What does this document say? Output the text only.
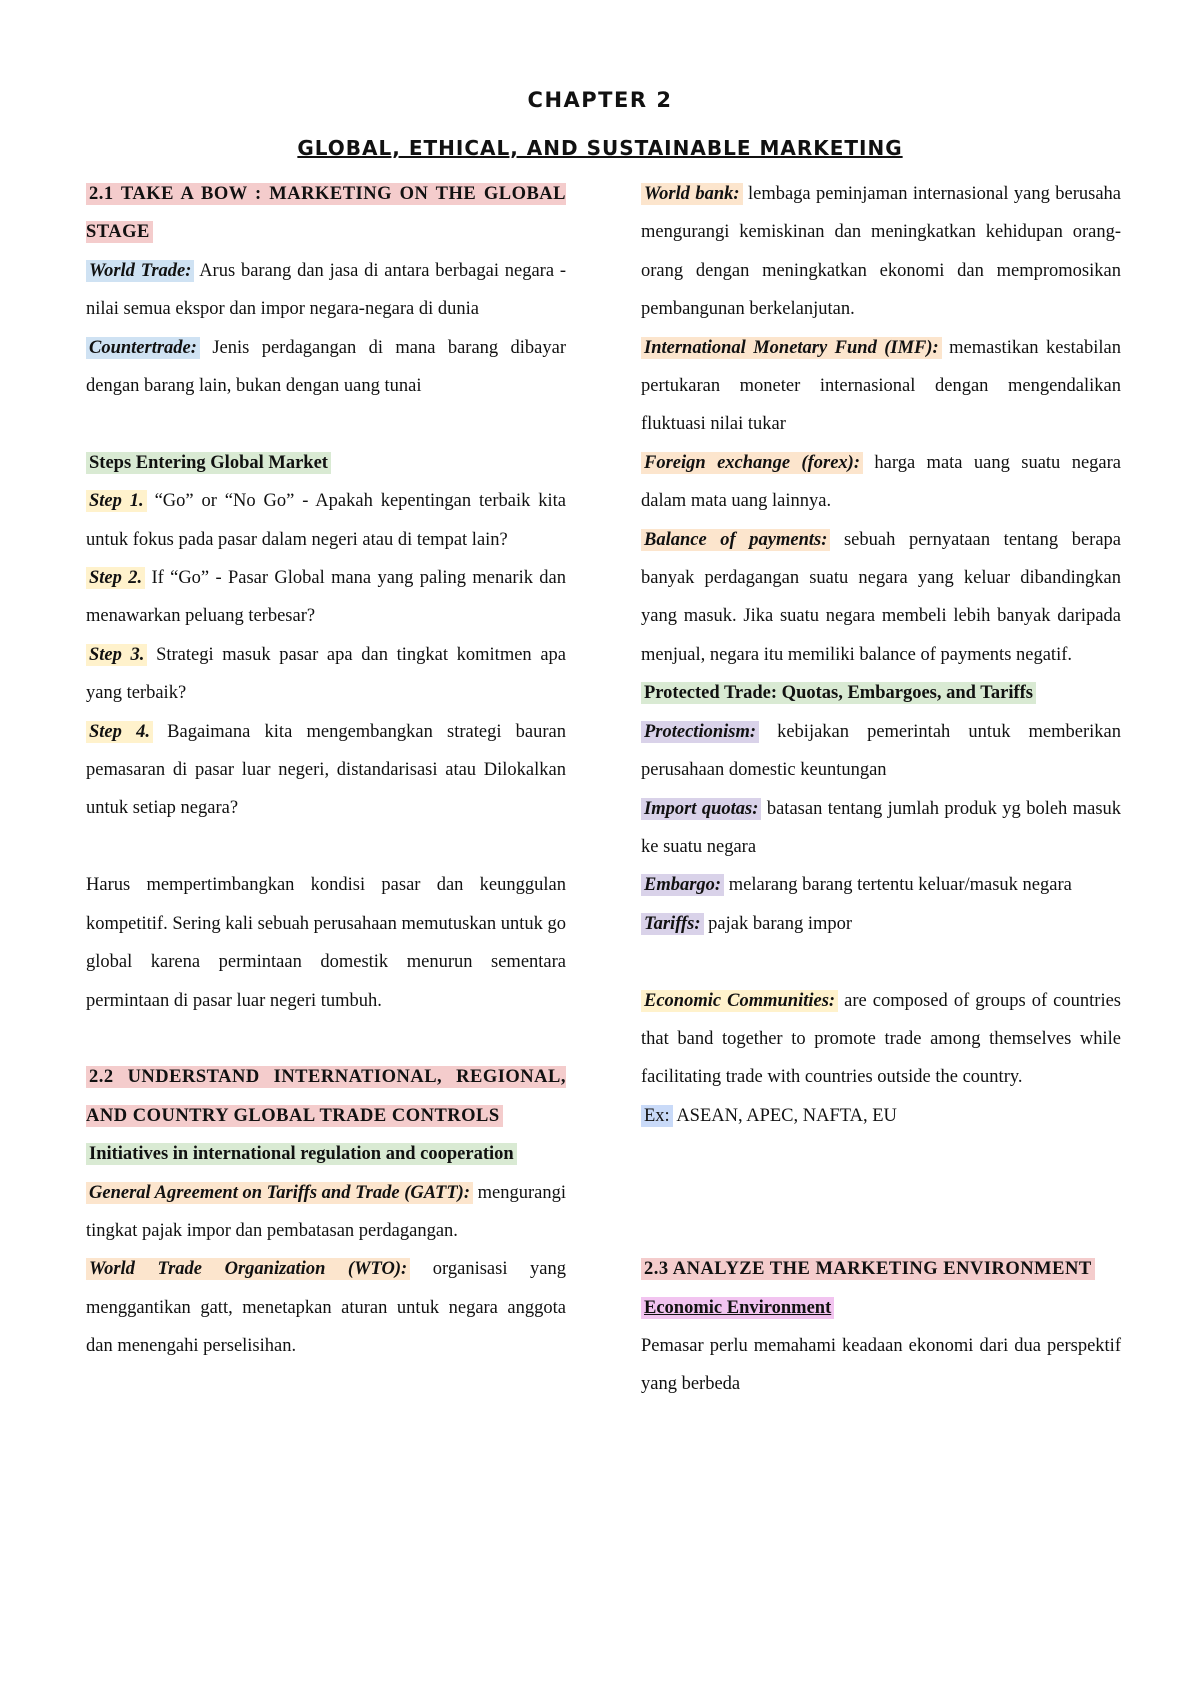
CHAPTER 2
GLOBAL, ETHICAL, AND SUSTAINABLE MARKETING

2.1 TAKE A BOW : MARKETING ON THE GLOBAL STAGE

World Trade: Arus barang dan jasa di antara berbagai negara - nilai semua ekspor dan impor negara-negara di dunia

Countertrade: Jenis perdagangan di mana barang dibayar dengan barang lain, bukan dengan uang tunai

Steps Entering Global Market

Step 1. “Go” or “No Go” - Apakah kepentingan terbaik kita untuk fokus pada pasar dalam negeri atau di tempat lain?

Step 2. If “Go” - Pasar Global mana yang paling menarik dan menawarkan peluang terbesar?

Step 3. Strategi masuk pasar apa dan tingkat komitmen apa yang terbaik?

Step 4. Bagaimana kita mengembangkan strategi bauran pemasaran di pasar luar negeri, distandarisasi atau Dilokalkan untuk setiap negara?

Harus mempertimbangkan kondisi pasar dan keunggulan kompetitif. Sering kali sebuah perusahaan memutuskan untuk go global karena permintaan domestik menurun sementara permintaan di pasar luar negeri tumbuh.

2.2 UNDERSTAND INTERNATIONAL, REGIONAL, AND COUNTRY GLOBAL TRADE CONTROLS

Initiatives in international regulation and cooperation

General Agreement on Tariffs and Trade (GATT): mengurangi tingkat pajak impor dan pembatasan perdagangan.

World Trade Organization (WTO): organisasi yang menggantikan gatt, menetapkan aturan untuk negara anggota dan menengahi perselisihan.

World bank: lembaga peminjaman internasional yang berusaha mengurangi kemiskinan dan meningkatkan kehidupan orang-orang dengan meningkatkan ekonomi dan mempromosikan pembangunan berkelanjutan.

International Monetary Fund (IMF): memastikan kestabilan pertukaran moneter internasional dengan mengendalikan fluktuasi nilai tukar

Foreign exchange (forex): harga mata uang suatu negara dalam mata uang lainnya.

Balance of payments: sebuah pernyataan tentang berapa banyak perdagangan suatu negara yang keluar dibandingkan yang masuk. Jika suatu negara membeli lebih banyak daripada menjual, negara itu memiliki balance of payments negatif.

Protected Trade: Quotas, Embargoes, and Tariffs

Protectionism: kebijakan pemerintah untuk memberikan perusahaan domestic keuntungan

Import quotas: batasan tentang jumlah produk yg boleh masuk ke suatu negara

Embargo: melarang barang tertentu keluar/masuk negara

Tariffs: pajak barang impor

Economic Communities: are composed of groups of countries that band together to promote trade among themselves while facilitating trade with countries outside the country.

Ex: ASEAN, APEC, NAFTA, EU

2.3 ANALYZE THE MARKETING ENVIRONMENT

Economic Environment

Pemasar perlu memahami keadaan ekonomi dari dua perspektif yang berbeda
